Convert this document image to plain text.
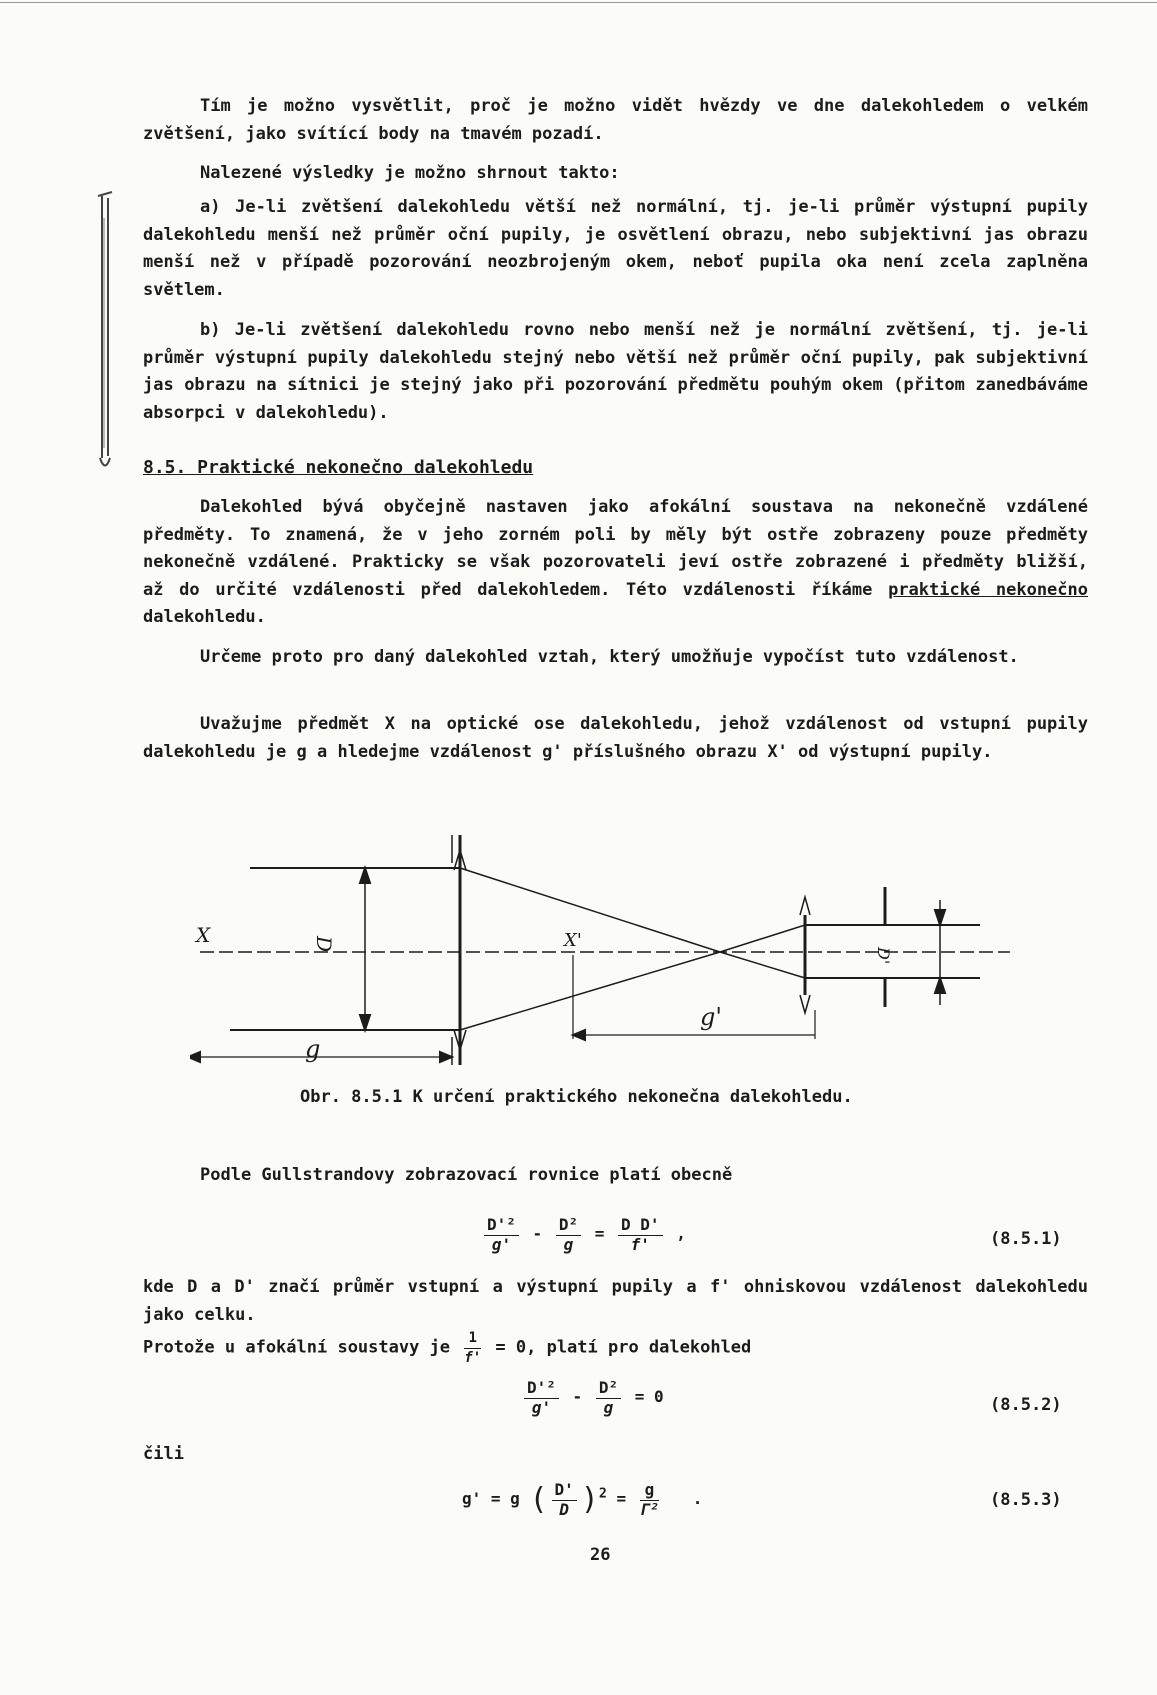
Tím je možno vysvětlit, proč je možno vidět hvězdy ve dne dalekohledem o velkém zvětšení, jako svítící body na tmavém pozadí.
Nalezené výsledky je možno shrnout takto:
a) Je-li zvětšení dalekohledu větší než normální, tj. je-li průměr výstupní pupily dalekohledu menší než průměr oční pupily, je osvětlení obrazu, nebo subjektivní jas obrazu menší než v případě pozorování neozbrojeným okem, neboť pupila oka není zcela zaplněna světlem.
b) Je-li zvětšení dalekohledu rovno nebo menší než je normální zvětšení, tj. je-li průměr výstupní pupily dalekohledu stejný nebo větší než průměr oční pupily, pak subjektivní jas obrazu na sítnici je stejný jako při pozorování předmětu pouhým okem (přitom zanedbáváme absorpci v dalekohledu).
8.5. Praktické nekonečno dalekohledu
Dalekohled bývá obyčejně nastaven jako afokální soustava na nekonečně vzdálené předměty. To znamená, že v jeho zorném poli by měly být ostře zobrazeny pouze předměty nekonečně vzdálené. Prakticky se však pozorovateli jeví ostře zobrazené i předměty bližší, až do určité vzdálenosti před dalekohledem. Této vzdálenosti říkáme praktické nekonečno dalekohledu.
Určeme proto pro daný dalekohled vztah, který umožňuje vypočíst tuto vzdálenost.
Uvažujme předmět X na optické ose dalekohledu, jehož vzdálenost od vstupní pupily dalekohledu je g a hledejme vzdálenost g' příslušného obrazu X' od výstupní pupily.
X	X'
D
D'
g
g'
Obr. 8.5.1 K určení praktického nekonečna dalekohledu.
Podle Gullstrandovy zobrazovací rovnice platí obecně
$\frac{\text{D'²}}{g'} - \frac{\text{D²}}{g} = \frac{\text{D D'}}{f'}$ ,	(8.5.1)
kde D a D' značí průměr vstupní a výstupní pupily a f' ohniskovou vzdálenost dalekohledu jako celku.
Protože u afokální soustavy je $\frac{1}{f'} = 0$, platí pro dalekohled
$\frac{\text{D'²}}{g'} - \frac{\text{D²}}{g} = 0$	(8.5.2)
čili
g' = g ( $\frac{D'}{D} )^2 = \frac{g}{\text{Γ²}}$ .	(8.5.3)
26
